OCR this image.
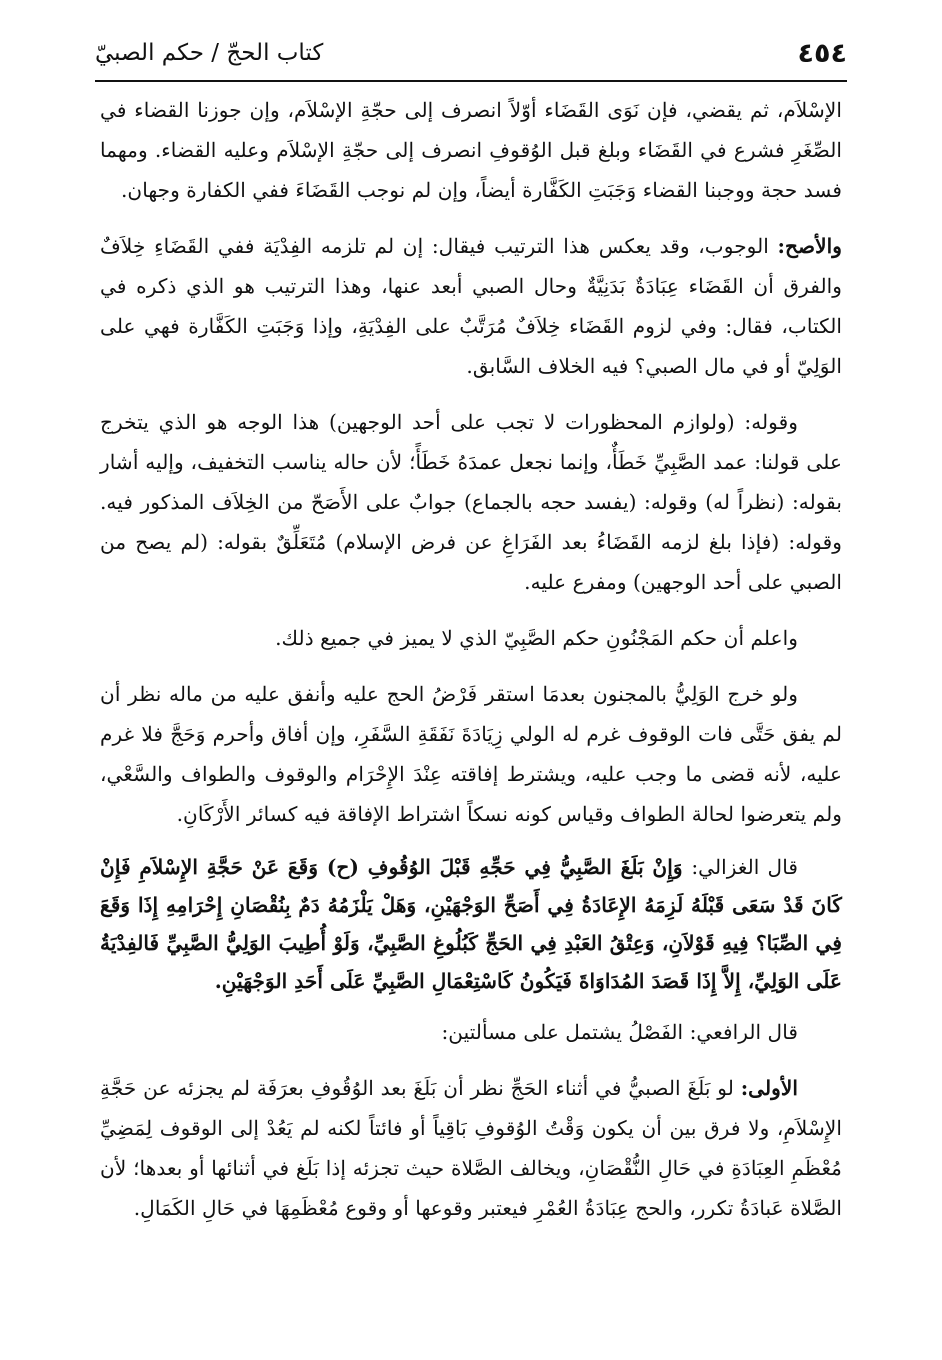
٤٥٤
كتاب الحجّ / حكم الصبيّ

الإسْلاَم، ثم يقضي، فإن نَوَى القَضَاء أوّلاً انصرف إلى حجّةِ الإسْلاَم، وإن جوزنا القضاء في الصِّغَرِ فشرع في القَضَاء وبلغ قبل الوُقوفِ انصرف إلى حجّةِ الإسْلاَم وعليه القضاء. ومهما فسد حجة ووجبنا القضاء وَجَبَتِ الكَفَّارة أيضاً، وإن لم نوجب القَضَاءَ ففي الكفارة وجهان.

والأصح: الوجوب، وقد يعكس هذا الترتيب فيقال: إن لم تلزمه الفِدْيَة ففي القَضَاءِ خِلاَفٌ والفرق أن القَضَاء عِبَادَةٌ بَدَنِيَّةٌ وحال الصبي أبعد عنها، وهذا الترتيب هو الذي ذكره في الكتاب، فقال: وفي لزوم القَضَاء خِلاَفٌ مُرَتَّبٌ على الفِدْيَةِ، وإذا وَجَبَتِ الكَفَّارة فهي على الوَلِيّ أو في مال الصبي؟ فيه الخلاف السَّابق.

وقوله: (ولوازم المحظورات لا تجب على أحد الوجهين) هذا الوجه هو الذي يتخرج على قولنا: عمد الصَّبِيِّ خَطَأٌ، وإنما نجعل عمدَهُ خَطَأً؛ لأن حاله يناسب التخفيف، وإليه أشار بقوله: (نظراً له) وقوله: (يفسد حجه بالجماع) جوابٌ على الأَصَحّ من الخِلاَف المذكور فيه. وقوله: (فإذا بلغ لزمه القَضَاءُ بعد الفَرَاغِ عن فرض الإسلام) مُتَعَلِّقٌ بقوله: (لم يصح من الصبي على أحد الوجهين) ومفرع عليه.

واعلم أن حكم المَجْنُونِ حكم الصَّبِيّ الذي لا يميز في جميع ذلك.

ولو خرج الوَلِيُّ بالمجنون بعدمَا استقر فَرْضُ الحج عليه وأنفق عليه من ماله نظر أن لم يفق حَتَّى فات الوقوف غرم له الولي زِيَادَةَ نَفَقَةِ السَّفَرِ، وإن أفاق وأحرم وَحَجَّ فلا غرم عليه، لأنه قضى ما وجب عليه، ويشترط إفاقته عِنْدَ الإِحْرَام والوقوف والطواف والسَّعْي، ولم يتعرضوا لحالة الطواف وقياس كونه نسكاً اشتراط الإفاقة فيه كسائر الأَرْكَانِ.

قال الغزالي: وَإِنْ بَلَغَ الصَّبِيُّ فِي حَجِّهِ قَبْلَ الوُقُوفِ (ح) وَقَعَ عَنْ حَجَّةِ الإِسْلاَمِ فَإِنْ كَانَ قَدْ سَعَى قَبْلَهُ لَزِمَهُ الإِعَادَةُ فِي أَصَحِّ الوَجْهَيْنِ، وَهَلْ يَلْزَمُهُ دَمٌ بِنُقْصَانِ إِحْرَامِهِ إِذَا وَقَعَ فِي الصِّبَا؟ فِيهِ قَوْلاَنِ، وَعِتْقُ العَبْدِ فِي الحَجِّ كَبُلُوغِ الصَّبِيِّ، وَلَوْ أُطِيبَ الوَلِيُّ الصَّبِيِّ فَالفِدْيَةُ عَلَى الوَلِيِّ، إِلاَّ إِذَا قَصَدَ المُدَاوَاةَ فَيَكُونُ كَاسْتِعْمَالِ الصَّبِيِّ عَلَى أَحَدِ الوَجْهَيْنِ.

قال الرافعي: الفَصْلُ يشتمل على مسألتين:

الأولى: لو بَلَغَ الصبيُّ في أثناء الحَجِّ نظر أن بَلَغَ بعد الوُقُوفِ بعرَفَة لم يجزئه عن حَجَّةِ الإِسْلاَمِ، ولا فرق بين أن يكون وَقْتُ الوُقوفِ بَاقِياً أو فائتاً لكنه لم يَعُدْ إلى الوقوف لِمَضِيِّ مُعْظَمِ العِبَادَةِ في حَالِ النُّقْصَانِ، ويخالف الصَّلاة حيث تجزئه إذا بَلَغ في أثنائها أو بعدها؛ لأن الصَّلاة عَبادَةُ تكرر، والحج عِبَادَةُ العُمْرِ فيعتبر وقوعها أو وقوع مُعْظَمِهَا في حَالِ الكَمَالِ.
